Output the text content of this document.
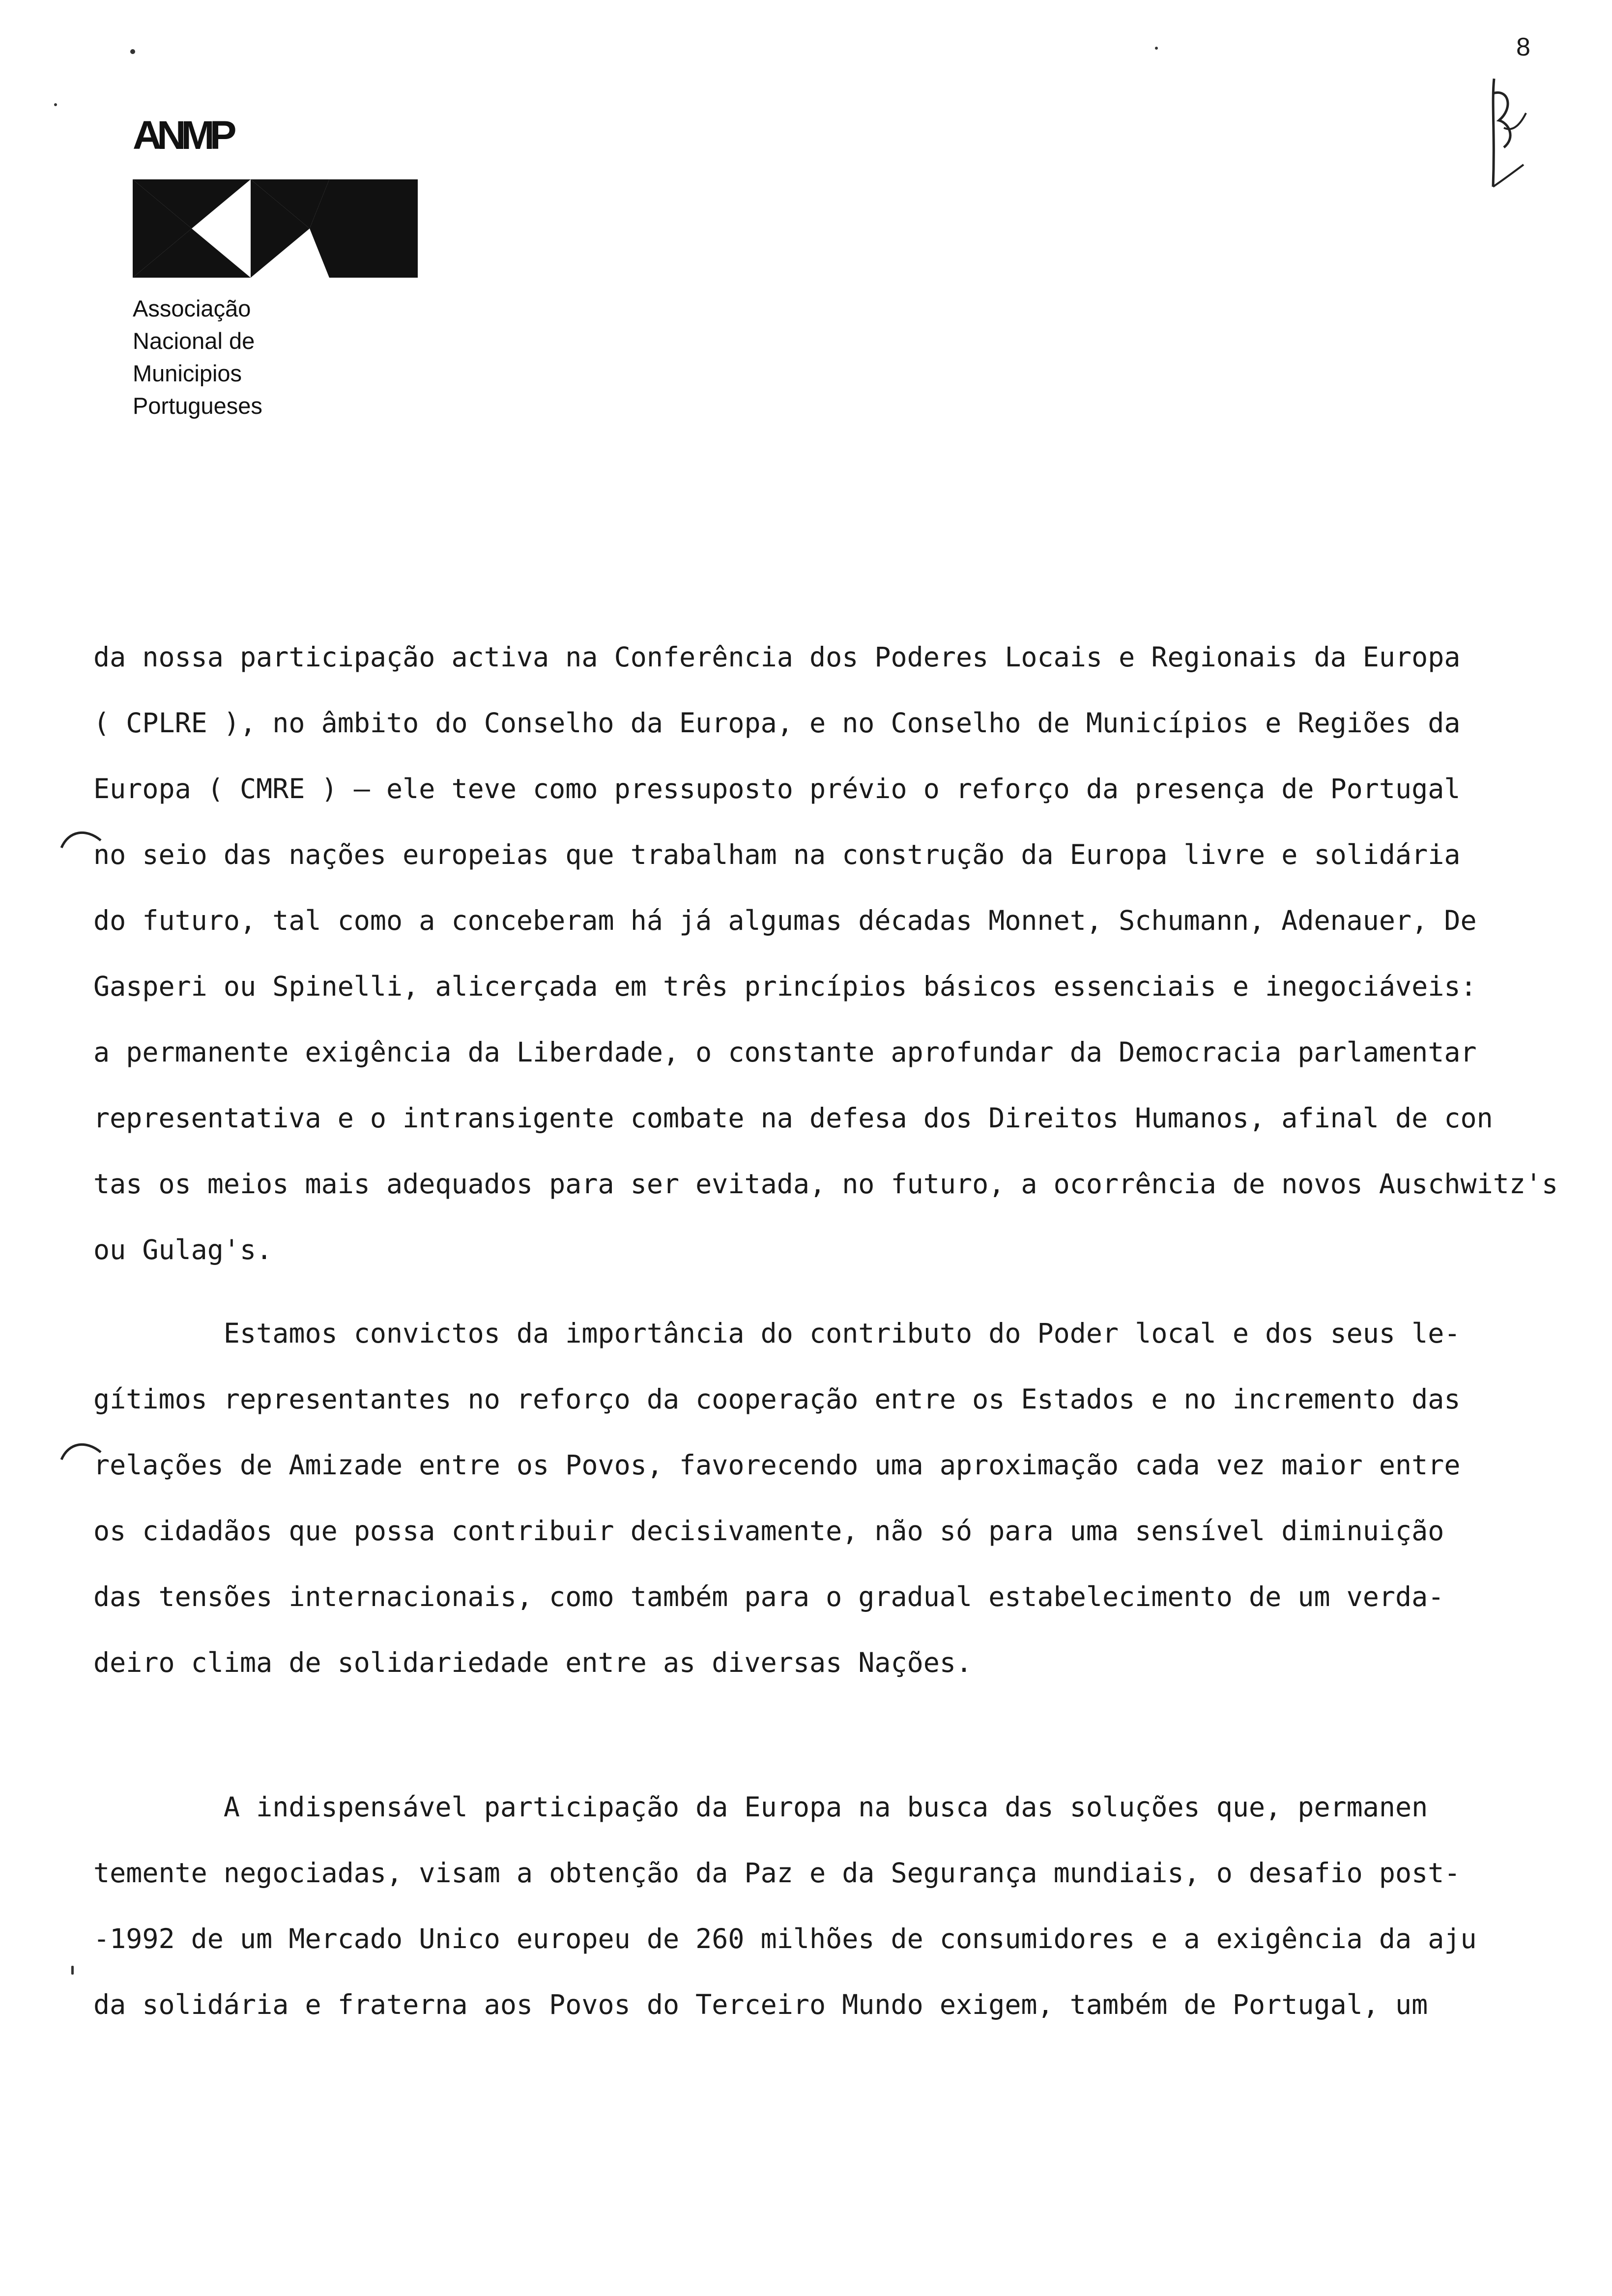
8
ANMP
Associação
Nacional de
Municipios
Portugueses
da nossa participação activa na Conferência dos Poderes Locais e Regionais da Europa
( CPLRE ), no âmbito do Conselho da Europa, e no Conselho de Municípios e Regiões da
Europa ( CMRE ) — ele teve como pressuposto prévio o reforço da presença de Portugal
no seio das nações europeias que trabalham na construção da Europa livre e solidária
do futuro, tal como a conceberam há já algumas décadas Monnet, Schumann, Adenauer, De
Gasperi ou Spinelli, alicerçada em três princípios básicos essenciais e inegociáveis:
a permanente exigência da Liberdade, o constante aprofundar da Democracia parlamentar
representativa e o intransigente combate na defesa dos Direitos Humanos, afinal de con
tas os meios mais adequados para ser evitada, no futuro, a ocorrência de novos Auschwitz's
ou Gulag's.
Estamos convictos da importância do contributo do Poder local e dos seus le-
gítimos representantes no reforço da cooperação entre os Estados e no incremento das
relações de Amizade entre os Povos, favorecendo uma aproximação cada vez maior entre
os cidadãos que possa contribuir decisivamente, não só para uma sensível diminuição
das tensões internacionais, como também para o gradual estabelecimento de um verda-
deiro clima de solidariedade entre as diversas Nações.
A indispensável participação da Europa na busca das soluções que, permanen
temente negociadas, visam a obtenção da Paz e da Segurança mundiais, o desafio post-
-1992 de um Mercado Unico europeu de 260 milhões de consumidores e a exigência da aju
da solidária e fraterna aos Povos do Terceiro Mundo exigem, também de Portugal, um
